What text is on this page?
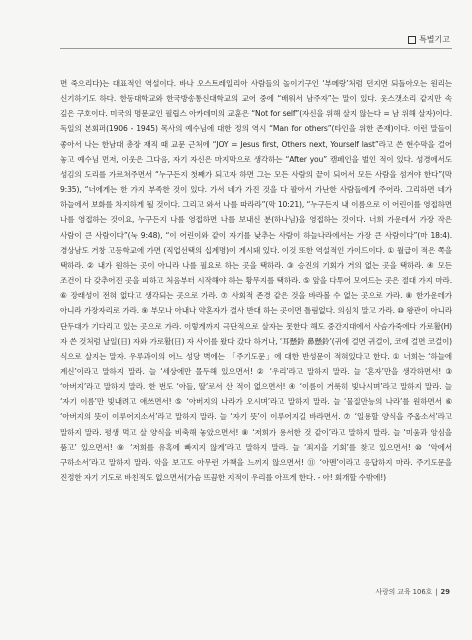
특별기고

면 죽으리다)는 대표적인 역설이다. 바나 오스트레일리아 사람들의 놀이기구인 ‘부메랑’처럼 던지면 되돌아오는 원리는 신기하기도 하다. 한동대학교와 한국방송통신대학교의 교어 중에 “배워서 남주자”는 말이 있다. 웃스갯소리 같지만 속 깊은 구호이다. 미국의 명문교인 필립스 아카데미의 교훈은 “Not for self”(자신을 위해 살지 않는다 = 남 위해 살자)이다. 독일의 본회퍼(1906 - 1945) 목사의 예수님에 대한 정의 역시 “Man for others”(타인을 위한 존재)이다. 이런 말들이 좋아서 나는 한남대 총장 재직 때 교문 근처에 “JOY = Jesus first, Others next, Yourself last”라고 쓴 현수막을 걸어 놓고 예수님 먼저, 이웃은 그다음, 자기 자신은 마지막으로 생각하는 “After you” 캠페인을 벌인 적이 있다. 성경에서도 성김의 도리를 가르쳐주면서 “누구든지 첫째가 되고자 하면 그는 모든 사람의 끝이 되어서 모든 사람을 섬겨야 한다”(막 9:35), “너에게는 한 가지 부족한 것이 있다. 가서 네가 가진 것을 다 팔아서 가난한 사람들에게 주어라. 그리하면 네가 하늘에서 보화를 차지하게 될 것이다. 그리고 와서 나를 따라라”(막 10:21), “누구든지 내 이름으로 이 어린이를 영접하면 나를 영접하는 것이요, 누구든지 나를 영접하면 나를 보내신 분(하나님)을 영접하는 것이다. 너희 가운데서 가장 작은 사람이 큰 사람이다”(눅 9:48), “이 어린이와 같이 자기를 낮추는 사람이 하늘나라에서는 가장 큰 사람이다”(마 18:4). 경상남도 거창 고등학교에 가면 (직업선택의 십계명)이 게시돼 있다. 이것 또한 역설적인 가이드이다. ① 월급이 적은 쪽을 택하라. ② 내가 원하는 곳이 아니라 나를 필요로 하는 곳을 택하라. ③ 승진의 기회가 거의 없는 곳을 택하라. ④ 모든 조건이 다 갖추어진 곳을 피하고 처음부터 시작해야 하는 황무지를 택하라. ⑤ 앞을 다투어 모여드는 곳은 절대 가지 마라. ⑥ 장래성이 전혀 없다고 생각되는 곳으로 가라. ⑦ 사회적 존경 같은 것을 바라볼 수 없는 곳으로 가라. ⑧ 한가운데가 아니라 가장자리로 가라. ⑨ 부모나 아내나 약혼자가 결사 반대 하는 곳이면 틀림없다. 의심치 말고 가라. ⑩ 왕관이 아니라 단두대가 기다리고 있는 곳으로 가라. 이렇게까지 극단적으로 살자는 못한다 해도 중간지대에서 사슴가죽에다 가로활(H) 자 쓴 것처럼 날일(日) 자와 가로활(日) 자 사이를 왔다 갔다 하거나, ‘耳懸鈴 鼻懸鈴’(귀에 걸면 귀걸이, 코에 걸면 코걸이) 식으로 살지는 말자. 우루과이의 어느 성당 벽에는 「주기도문」에 대한 반성문이 적혀있다고 한다. ① 너희는 ‘하늘에 계신’이라고 말하지 말라. 늘 ‘세상에만 몰두해 있으면서! ② ‘우리’라고 말하지 말라. 늘 ‘혼자’만을 생각하면서! ③ ‘아버지’라고 말하지 말라. 한 번도 ‘아들, 딸’로서 산 적이 없으면서! ④ ‘이름이 거룩히 빛나시며’라고 말하지 말라. 늘 ‘자기 이름’만 빛내려고 애쓰면서! ⑤ ‘아버지의 나라가 오시며’라고 말하지 말라. 늘 ‘물질만능의 나라’를 원하면서 ⑥ ‘아버지의 뜻이 이루어지소서’라고 말하지 말라. 늘 ‘자기 뜻’이 이루어지길 바라면서. ⑦ ‘일용할 양식을 주옵소서’라고 말하지 말라. 평생 먹고 살 양식을 비축해 놓았으면서! ⑧ ‘저희가 용서한 것 같이’라고 말하지 말라. 늘 ‘미움과 앙심을 품고’ 있으면서! ⑨ ‘저희를 유혹에 빠지지 않게’라고 말하지 말라. 늘 ‘죄지을 기회’를 찾고 있으면서! ⑩ ‘악에서 구하소서’라고 말하지 말라. 악을 보고도 아무런 가책을 느끼지 않으면서! ⑪ ‘아멘’이라고 응답하지 마라. 주기도문을 진정한 자기 기도로 바친적도 없으면서(가슴 뜨끔한 지적이 우리를 아프게 한다. - 아! 회개할 수밖에!)

사랑의 교육 106호 | 29
